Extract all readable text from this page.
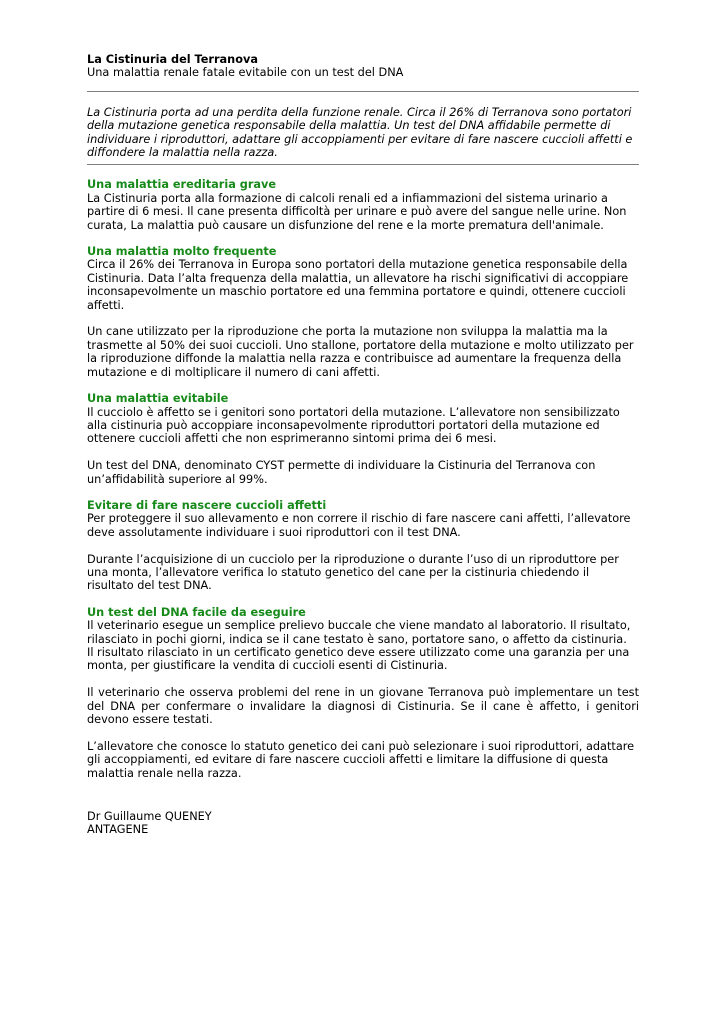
La Cistinuria del Terranova

Una malattia renale fatale evitabile con un test del DNA

La Cistinuria porta ad una perdita della funzione renale. Circa il 26% di Terranova sono portatori della mutazione genetica responsabile della malattia. Un test del DNA affidabile permette di individuare i riproduttori, adattare gli accoppiamenti per evitare di fare nascere cuccioli affetti e diffondere la malattia nella razza.

Una malattia ereditaria grave

La Cistinuria porta alla formazione di calcoli renali ed a infiammazioni del sistema urinario a partire di 6 mesi. Il cane presenta difficoltà per urinare e può avere del sangue nelle urine. Non curata, La malattia può causare un disfunzione del rene e la morte prematura dell'animale.

Una malattia molto frequente

Circa il 26% dei Terranova in Europa sono portatori della mutazione genetica responsabile della Cistinuria. Data l’alta frequenza della malattia, un allevatore ha rischi significativi di accoppiare inconsapevolmente un maschio portatore ed una femmina portatore e quindi, ottenere cuccioli affetti.

Un cane utilizzato per la riproduzione che porta la mutazione non sviluppa la malattia ma la trasmette al 50% dei suoi cuccioli. Uno stallone, portatore della mutazione e molto utilizzato per la riproduzione diffonde la malattia nella razza e contribuisce ad aumentare la frequenza della mutazione e di moltiplicare il numero di cani affetti.

Una malattia evitabile

Il cucciolo è affetto se i genitori sono portatori della mutazione. L’allevatore non sensibilizzato alla cistinuria può accoppiare inconsapevolmente riproduttori portatori della mutazione ed ottenere cuccioli affetti che non esprimeranno sintomi prima dei 6 mesi.

Un test del DNA, denominato CYST permette di individuare la Cistinuria del Terranova con un’affidabilità superiore al 99%.

Evitare di fare nascere cuccioli affetti

Per proteggere il suo allevamento e non correre il rischio di fare nascere cani affetti, l’allevatore deve assolutamente individuare i suoi riproduttori con il test DNA.

Durante l’acquisizione di un cucciolo per la riproduzione o durante l’uso di un riproduttore per una monta, l’allevatore verifica lo statuto genetico del cane per la cistinuria chiedendo il risultato del test DNA.

Un test del DNA facile da eseguire

Il veterinario esegue un semplice prelievo buccale che viene mandato al laboratorio. Il risultato, rilasciato in pochi giorni, indica se il cane testato è sano, portatore sano, o affetto da cistinuria.
Il risultato rilasciato in un certificato genetico deve essere utilizzato come una garanzia per una monta, per giustificare la vendita di cuccioli esenti di Cistinuria.

Il veterinario che osserva problemi del rene in un giovane Terranova può implementare un test del DNA per confermare o invalidare la diagnosi di Cistinuria. Se il cane è affetto, i genitori devono essere testati.

L’allevatore che conosce lo statuto genetico dei cani può selezionare i suoi riproduttori, adattare gli accoppiamenti, ed evitare di fare nascere cuccioli affetti e limitare la diffusione di questa malattia renale nella razza.

Dr Guillaume QUENEY

ANTAGENE
